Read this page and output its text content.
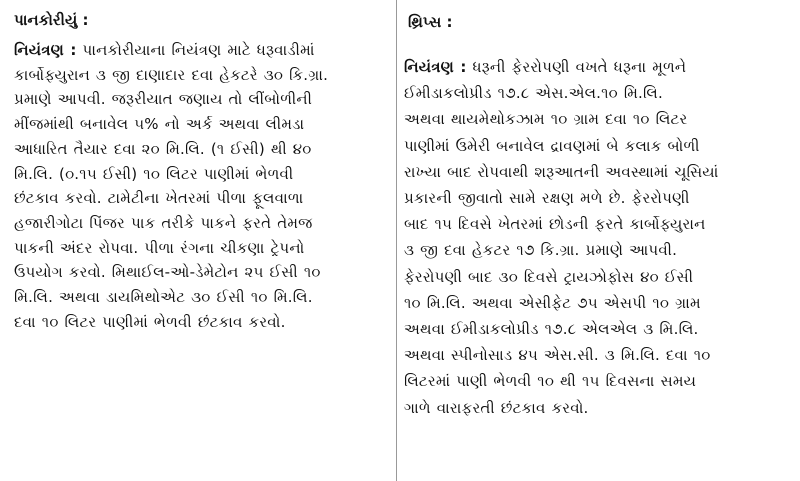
પાનકોરીયું :
નિયંત્રણ : પાનકોરીયાના નિયંત્રણ માટે ધરૂવાડીમાં
કાર્બોફ્યુરાન ૩ જી દાણાદાર દવા હેકટરે ૩૦ કિ.ગ્રા.
પ્રમાણે આપવી. જરૂરીયાત જણાય તો લીંબોળીની
મીંજમાંથી બનાવેલ ૫% નો અર્ક અથવા લીમડા
આધારિત તૈયાર દવા ૨૦ મિ.લિ. (૧ ઈસી) થી ૪૦
મિ.લિ. (૦.૧૫ ઈસી) ૧૦ લિટર પાણીમાં ભેળવી
છંટકાવ કરવો. ટામેટીના ખેતરમાં પીળા ફૂલવાળા
હજારીગોટા પિંજર પાક તરીકે પાકને ફરતે તેમજ
પાકની અંદર રોપવા. પીળા રંગના ચીકણા ટ્રેપનો
ઉપયોગ કરવો. મિથાઈલ-ઓ-ડેમેટોન ૨૫ ઈસી ૧૦
મિ.લિ. અથવા ડાયમિથોએટ ૩૦ ઈસી ૧૦ મિ.લિ.
દવા ૧૦ લિટર પાણીમાં ભેળવી છંટકાવ કરવો.
થ્રિપ્સ :
નિયંત્રણ : ધરૂની ફેરરોપણી વખતે ધરૂના મૂળને
ઈમીડાકલોપ્રીડ ૧૭.૮ એસ.એલ.૧૦ મિ.લિ.
અથવા થાયમેથોકઝામ ૧૦ ગ્રામ દવા ૧૦ લિટર
પાણીમાં ઉમેરી બનાવેલ દ્રાવણમાં બે કલાક બોળી
રાખ્યા બાદ રોપવાથી શરૂઆતની અવસ્થામાં ચૂસિયાં
પ્રકારની જીવાતો સામે રક્ષણ મળે છે. ફેરરોપણી
બાદ ૧૫ દિવસે ખેતરમાં છોડની ફરતે કાર્બોફ્યુરાન
૩ જી દવા હેકટર ૧૭ કિ.ગ્રા. પ્રમાણે આપવી.
ફેરરોપણી બાદ ૩૦ દિવસે ટ્રાયઝોફોસ ૪૦ ઈસી
૧૦ મિ.લિ. અથવા એસીફેટ ૭૫ એસપી ૧૦ ગ્રામ
અથવા ઈમીડાકલોપ્રીડ ૧૭.૮ એલએલ ૩ મિ.લિ.
અથવા સ્પીનોસાડ ૪૫ એસ.સી. ૩ મિ.લિ. દવા ૧૦
લિટરમાં પાણી ભેળવી ૧૦ થી ૧૫ દિવસના સમય
ગાળે વારાફરતી છંટકાવ કરવો.
